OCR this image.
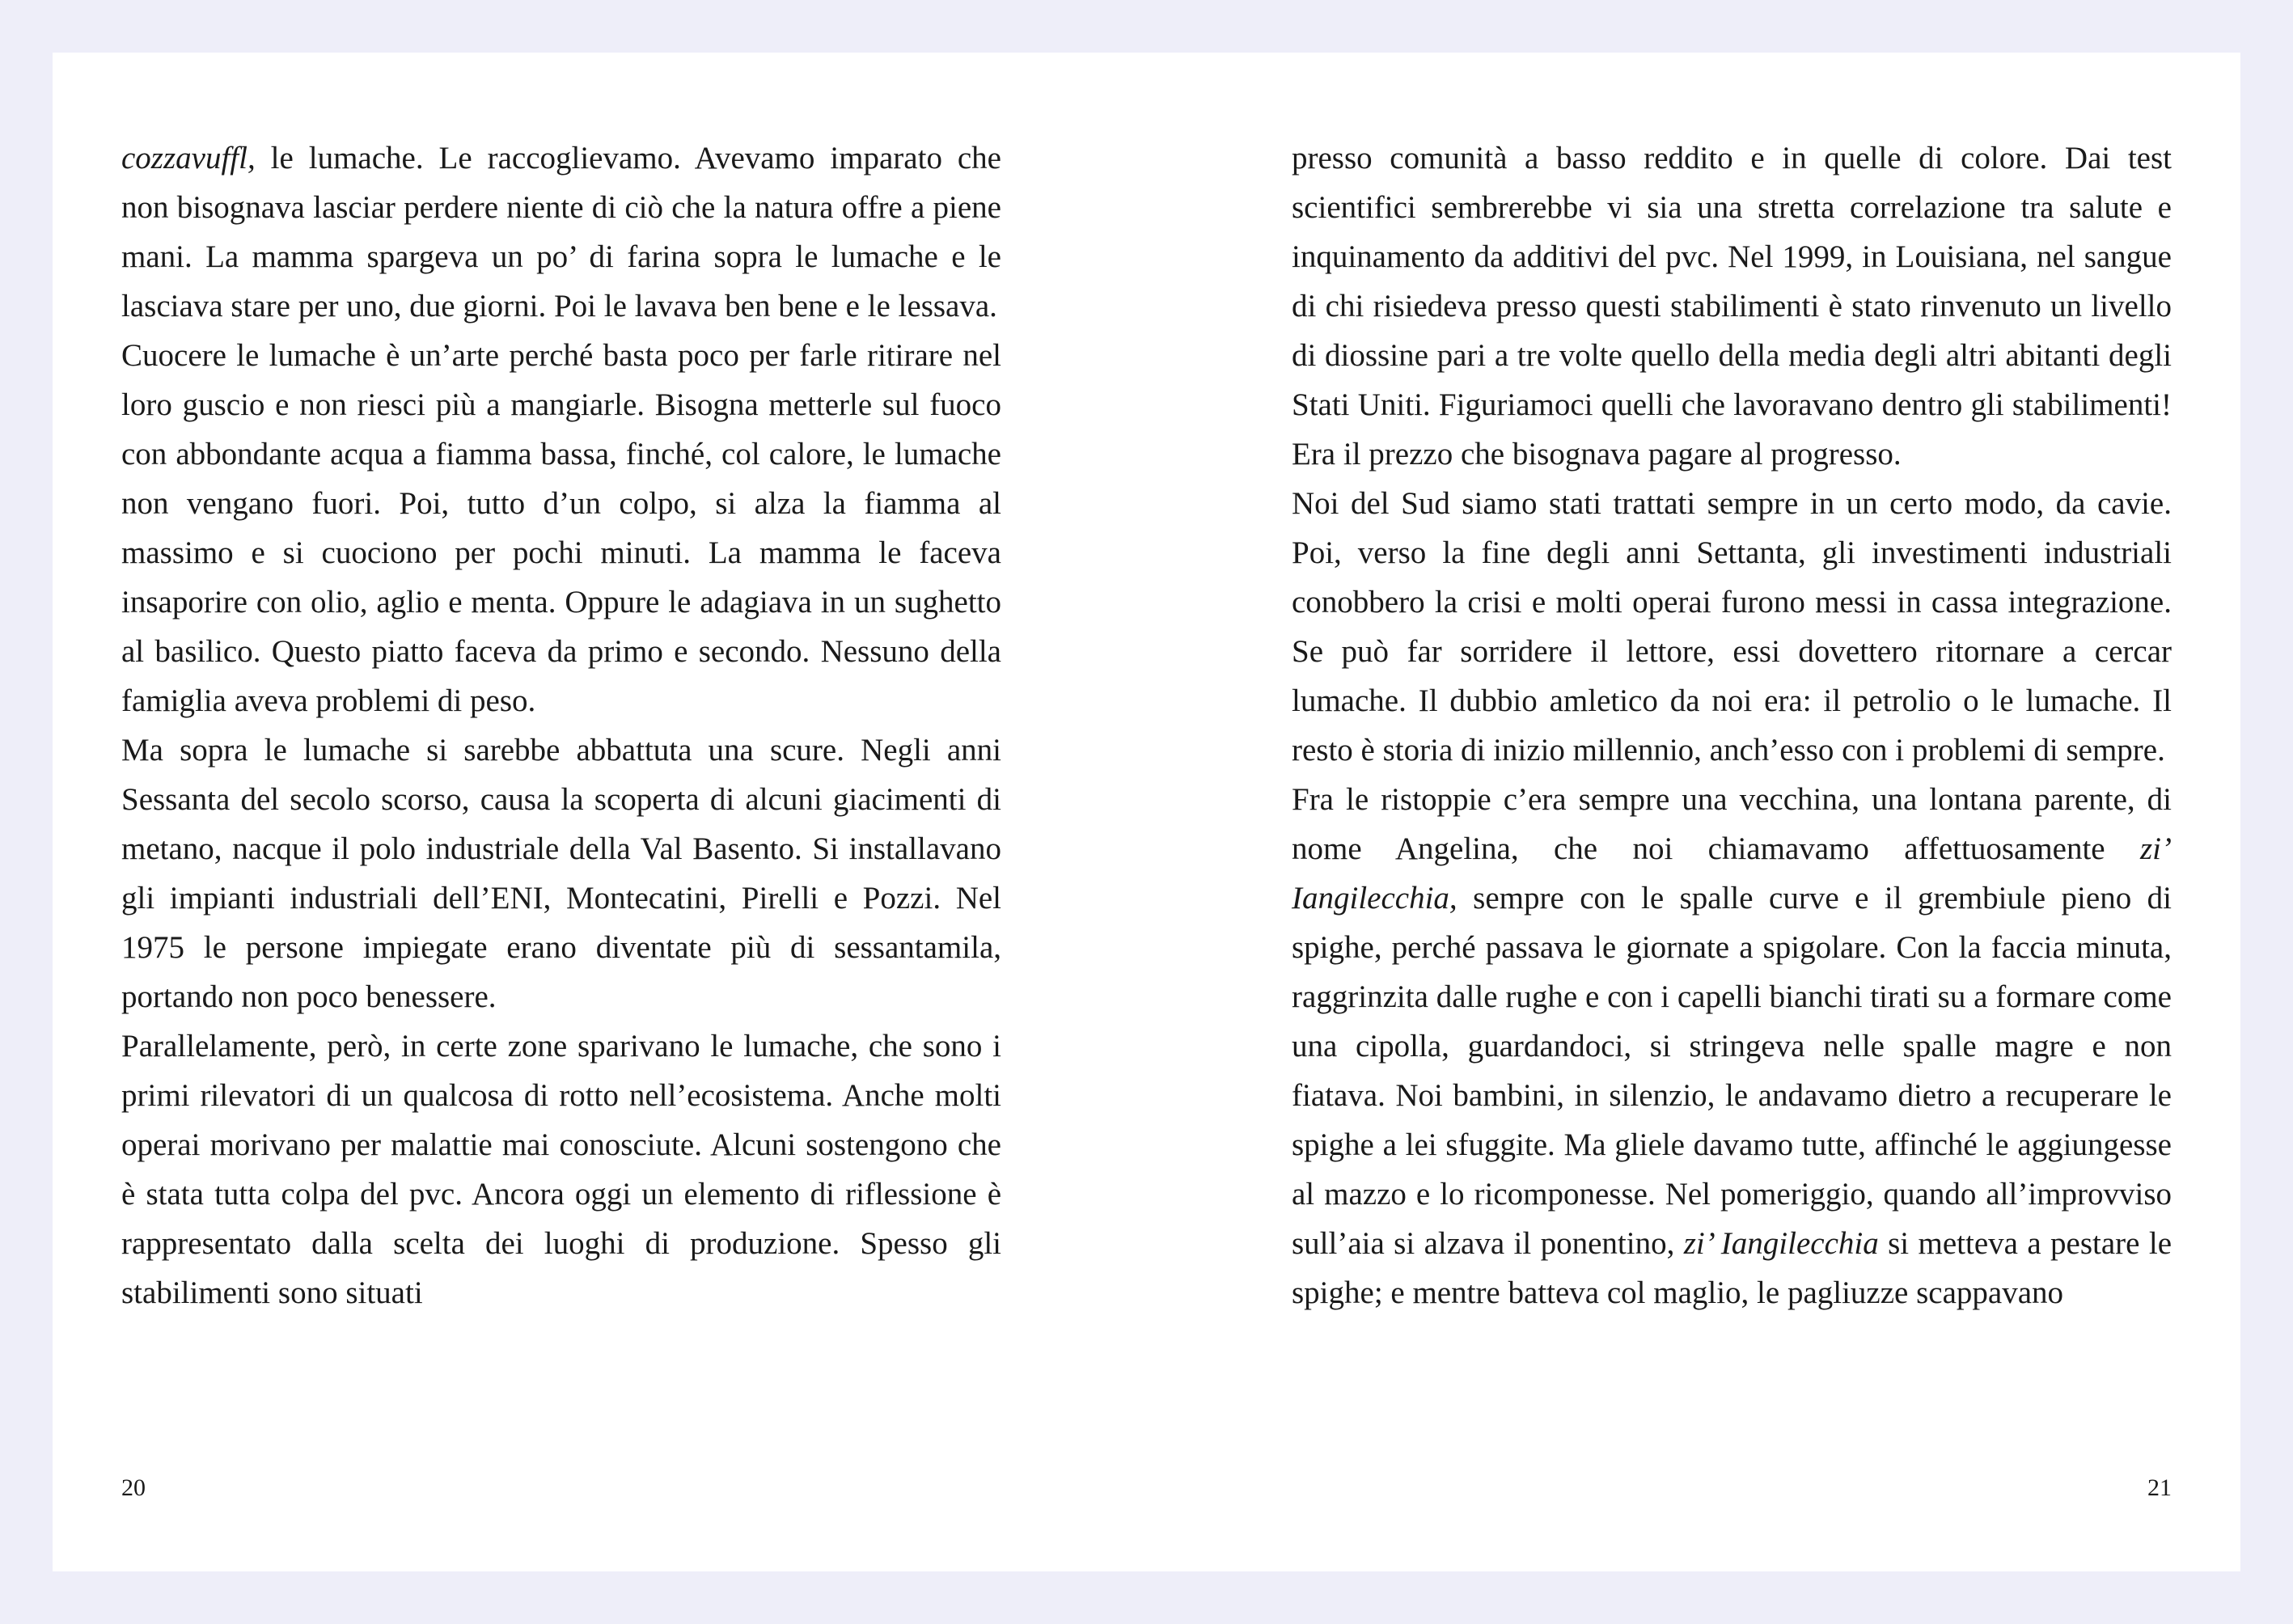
cozzavuffl, le lumache. Le raccoglievamo. Avevamo imparato che non bisognava lasciar perdere niente di ciò che la natura offre a piene mani. La mamma spargeva un po’ di farina sopra le lumache e le lasciava stare per uno, due giorni. Poi le lavava ben bene e le lessava.

Cuocere le lumache è un’arte perché basta poco per farle ritirare nel loro guscio e non riesci più a mangiarle. Bisogna metterle sul fuoco con abbondante acqua a fiamma bassa, finché, col calore, le lumache non vengano fuori. Poi, tutto d’un colpo, si alza la fiamma al massimo e si cuociono per pochi minuti. La mamma le faceva insaporire con olio, aglio e menta. Oppure le adagiava in un sughetto al basilico. Questo piatto faceva da primo e secondo. Nessuno della famiglia aveva problemi di peso.

Ma sopra le lumache si sarebbe abbattuta una scure. Negli anni Sessanta del secolo scorso, causa la scoperta di alcuni giacimenti di metano, nacque il polo industriale della Val Basento. Si installavano gli impianti industriali dell’ENI, Montecatini, Pirelli e Pozzi. Nel 1975 le persone impiegate erano diventate più di sessantamila, portando non poco benessere.

Parallelamente, però, in certe zone sparivano le lumache, che sono i primi rilevatori di un qualcosa di rotto nell’ecosistema. Anche molti operai morivano per malattie mai conosciute. Alcuni sostengono che è stata tutta colpa del pvc. Ancora oggi un elemento di riflessione è rappresentato dalla scelta dei luoghi di produzione. Spesso gli stabilimenti sono situati

20

presso comunità a basso reddito e in quelle di colore. Dai test scientifici sembrerebbe vi sia una stretta correlazione tra salute e inquinamento da additivi del pvc. Nel 1999, in Louisiana, nel sangue di chi risiedeva presso questi stabilimenti è stato rinvenuto un livello di diossine pari a tre volte quello della media degli altri abitanti degli Stati Uniti. Figuriamoci quelli che lavoravano dentro gli stabilimenti! Era il prezzo che bisognava pagare al progresso.

Noi del Sud siamo stati trattati sempre in un certo modo, da cavie. Poi, verso la fine degli anni Settanta, gli investimenti industriali conobbero la crisi e molti operai furono messi in cassa integrazione. Se può far sorridere il lettore, essi dovettero ritornare a cercar lumache. Il dubbio amletico da noi era: il petrolio o le lumache. Il resto è storia di inizio millennio, anch’esso con i problemi di sempre.

Fra le ristoppie c’era sempre una vecchina, una lontana parente, di nome Angelina, che noi chiamavamo affettuosamente zi’ Iangilecchia, sempre con le spalle curve e il grembiule pieno di spighe, perché passava le giornate a spigolare. Con la faccia minuta, raggrinzita dalle rughe e con i capelli bianchi tirati su a formare come una cipolla, guardandoci, si stringeva nelle spalle magre e non fiatava. Noi bambini, in silenzio, le andavamo dietro a recuperare le spighe a lei sfuggite. Ma gliele davamo tutte, affinché le aggiungesse al mazzo e lo ricomponesse. Nel pomeriggio, quando all’improvviso sull’aia si alzava il ponentino, zi’ Iangilecchia si metteva a pestare le spighe; e mentre batteva col maglio, le pagliuzze scappavano

21
